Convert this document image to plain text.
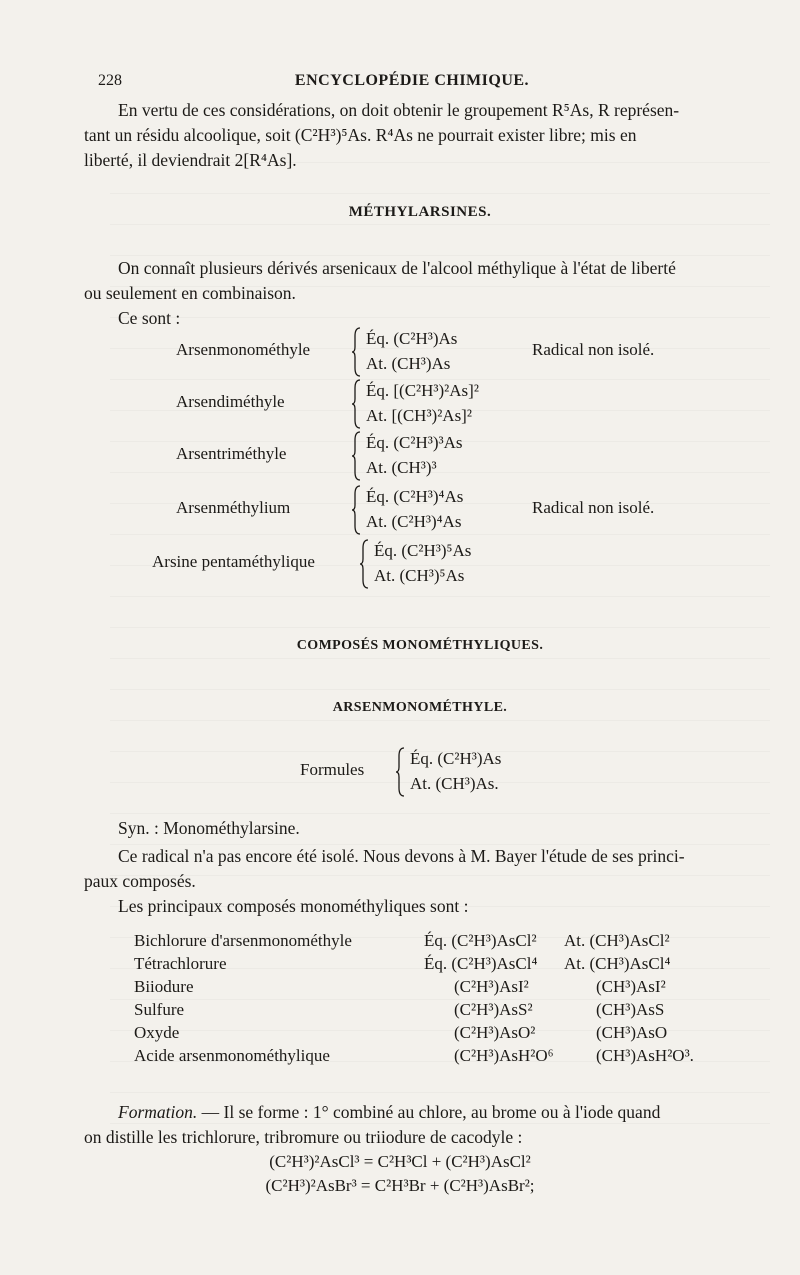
228	ENCYCLOPÉDIE CHIMIQUE.
En vertu de ces considérations, on doit obtenir le groupement R⁵As, R représen-
tant un résidu alcoolique, soit (C²H³)⁵As. R⁴As ne pourrait exister libre; mis en
liberté, il deviendrait 2[R⁴As].
MÉTHYLARSINES.
On connaît plusieurs dérivés arsenicaux de l'alcool méthylique à l'état de liberté
ou seulement en combinaison.
Ce sont :
Arsenmonométhyle
Éq. (C²H³)As
At. (CH³)As
Radical non isolé.
Arsendiméthyle
Éq. [(C²H³)²As]²
At. [(CH³)²As]²
Arsentriméthyle
Éq. (C²H³)³As
At. (CH³)³
Arsenméthylium
Éq. (C²H³)⁴As
At. (C²H³)⁴As
Radical non isolé.
Arsine pentaméthylique
Éq. (C²H³)⁵As
At. (CH³)⁵As
COMPOSÉS MONOMÉTHYLIQUES.
ARSENMONOMÉTHYLE.
Formules
Éq. (C²H³)As
At. (CH³)As.
Syn. : Monométhylarsine.
Ce radical n'a pas encore été isolé. Nous devons à M. Bayer l'étude de ses princi-
paux composés.
Les principaux composés monométhyliques sont :
Bichlorure d'arsenmonométhyle	Éq. (C²H³)AsCl² At. (CH³)AsCl²
Tétrachlorure	Éq. (C²H³)AsCl⁴ At. (CH³)AsCl⁴
Biiodure	(C²H³)AsI²	(CH³)AsI²
Sulfure	(C²H³)AsS²	(CH³)AsS
Oxyde	(C²H³)AsO²	(CH³)AsO
Acide arsenmonométhylique	(C²H³)AsH²O⁶ (CH³)AsH²O³.
Formation. — Il se forme : 1° combiné au chlore, au brome ou à l'iode quand
on distille les trichlorure, tribromure ou triiodure de cacodyle :
(C²H³)²AsCl³ = C²H³Cl + (C²H³)AsCl²
(C²H³)²AsBr³ = C²H³Br + (C²H³)AsBr²;
